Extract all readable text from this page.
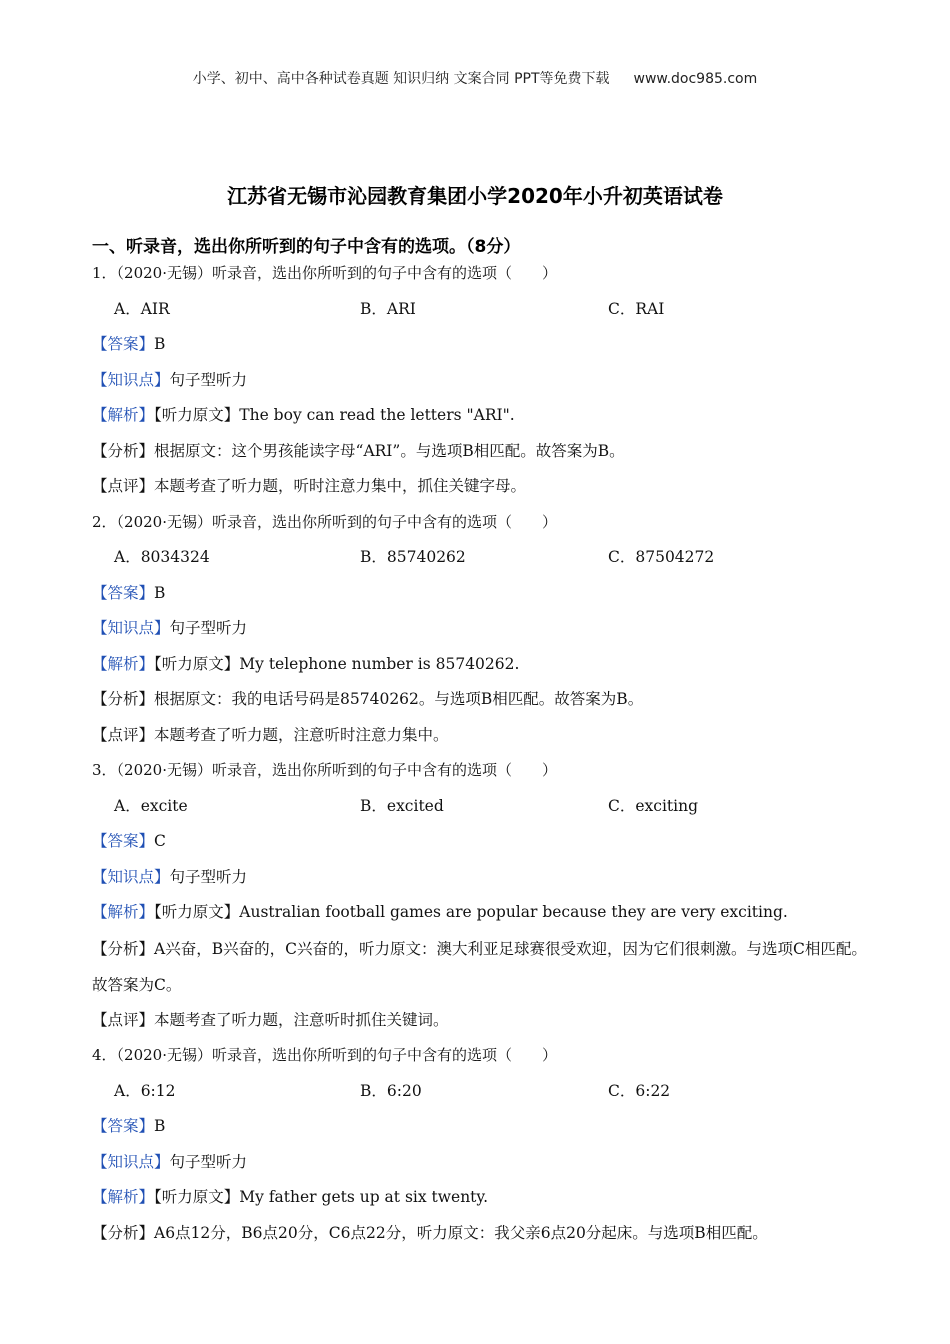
小学、初中、高中各种试卷真题 知识归纳 文案合同 PPT等免费下载 www.doc985.com
江苏省无锡市沁园教育集团小学2020年小升初英语试卷
一、听录音，选出你所听到的句子中含有的选项。（8分）
1．（2020·无锡）听录音，选出你所听到的句子中含有的选项（　　）
A．AIR	B．ARI	C．RAI
【答案】B
【知识点】句子型听力
【解析】【听力原文】The boy can read the letters "ARI".
【分析】根据原文：这个男孩能读字母“ARI”。与选项B相匹配。故答案为B。
【点评】本题考查了听力题，听时注意力集中，抓住关键字母。
2．（2020·无锡）听录音，选出你所听到的句子中含有的选项（　　）
A．8034324	B．85740262	C．87504272
【答案】B
【知识点】句子型听力
【解析】【听力原文】My telephone number is 85740262.
【分析】根据原文：我的电话号码是85740262。与选项B相匹配。故答案为B。
【点评】本题考查了听力题，注意听时注意力集中。
3．（2020·无锡）听录音，选出你所听到的句子中含有的选项（　　）
A．excite	B．excited	C．exciting
【答案】C
【知识点】句子型听力
【解析】【听力原文】Australian football games are popular because they are very exciting.
【分析】A兴奋，B兴奋的，C兴奋的，听力原文：澳大利亚足球赛很受欢迎，因为它们很刺激。与选项C相匹配。故答案为C。
【点评】本题考查了听力题，注意听时抓住关键词。
4．（2020·无锡）听录音，选出你所听到的句子中含有的选项（　　）
A．6:12	B．6:20	C．6:22
【答案】B
【知识点】句子型听力
【解析】【听力原文】My father gets up at six twenty.
【分析】A6点12分，B6点20分，C6点22分，听力原文：我父亲6点20分起床。与选项B相匹配。
